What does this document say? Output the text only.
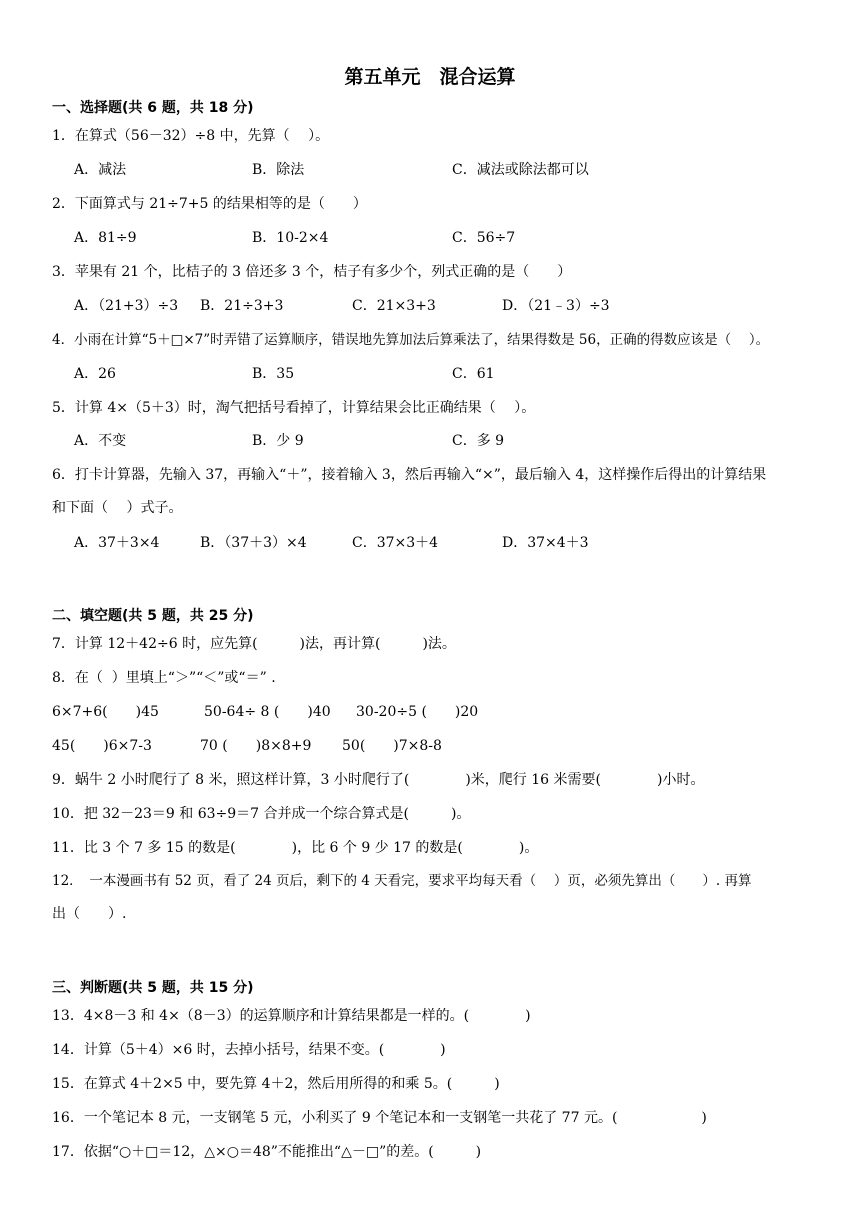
第五单元　混合运算
一、选择题(共 6 题，共 18 分)
1．在算式（56－32）÷8 中，先算（　 ）。
A．减法	B．除法	C．减法或除法都可以
2．下面算式与 21÷7+5 的结果相等的是（　　）
A．81÷9	B．10-2×4	C．56÷7
3．苹果有 21 个，比桔子的 3 倍还多 3 个，桔子有多少个，列式正确的是（　　）
A．（21+3）÷3 B．21÷3+3	C．21×3+3	D．（21﹣3）÷3
4．小雨在计算“5＋□×7”时弄错了运算顺序，错误地先算加法后算乘法了，结果得数是 56，正确的得数应该是（　 ）。
A．26	B．35	C．61
5．计算 4×（5＋3）时，淘气把括号看掉了，计算结果会比正确结果（　 ）。
A．不变	B．少 9	C．多 9
6．打卡计算器，先输入 37，再输入“＋”，接着输入 3，然后再输入“×”，最后输入 4，这样操作后得出的计算结果
和下面（　 ）式子。
A．37＋3×4	B．（37＋3）×4	C．37×3＋4	D．37×4＋3
二、填空题(共 5 题，共 25 分)
7．计算 12＋42÷6 时，应先算(　　　)法，再计算(　　　)法。
8．在（  ）里填上“＞”“＜”或“＝” .
6×7+6(　　)45	50-64÷ 8 (　　)40 30-20÷5 (　　)20
45(　　)6×7-3	70 (　　)8×8+9 50(　　)7×8-8
9．蜗牛 2 小时爬行了 8 米，照这样计算，3 小时爬行了(　　　　)米，爬行 16 米需要(　　　　)小时。
10．把 32－23＝9 和 63÷9＝7 合并成一个综合算式是(　　　)。
11．比 3 个 7 多 15 的数是(　　　　)，比 6 个 9 少 17 的数是(　　　　)。
12．　一本漫画书有 52 页，看了 24 页后，剩下的 4 天看完，要求平均每天看（　 ）页，必须先算出（　　）. 再算
出（　　）.
三、判断题(共 5 题，共 15 分)
13．4×8－3 和 4×（8－3）的运算顺序和计算结果都是一样的。(　　　　)
14．计算（5＋4）×6 时，去掉小括号，结果不变。(　　　　)
15．在算式 4＋2×5 中，要先算 4＋2，然后用所得的和乘 5。(　　　)
16．一个笔记本 8 元，一支钢笔 5 元，小利买了 9 个笔记本和一支钢笔一共花了 77 元。(　　　　　　)
17．依据“○＋□＝12，△×○＝48”不能推出“△－□”的差。(　　　)
